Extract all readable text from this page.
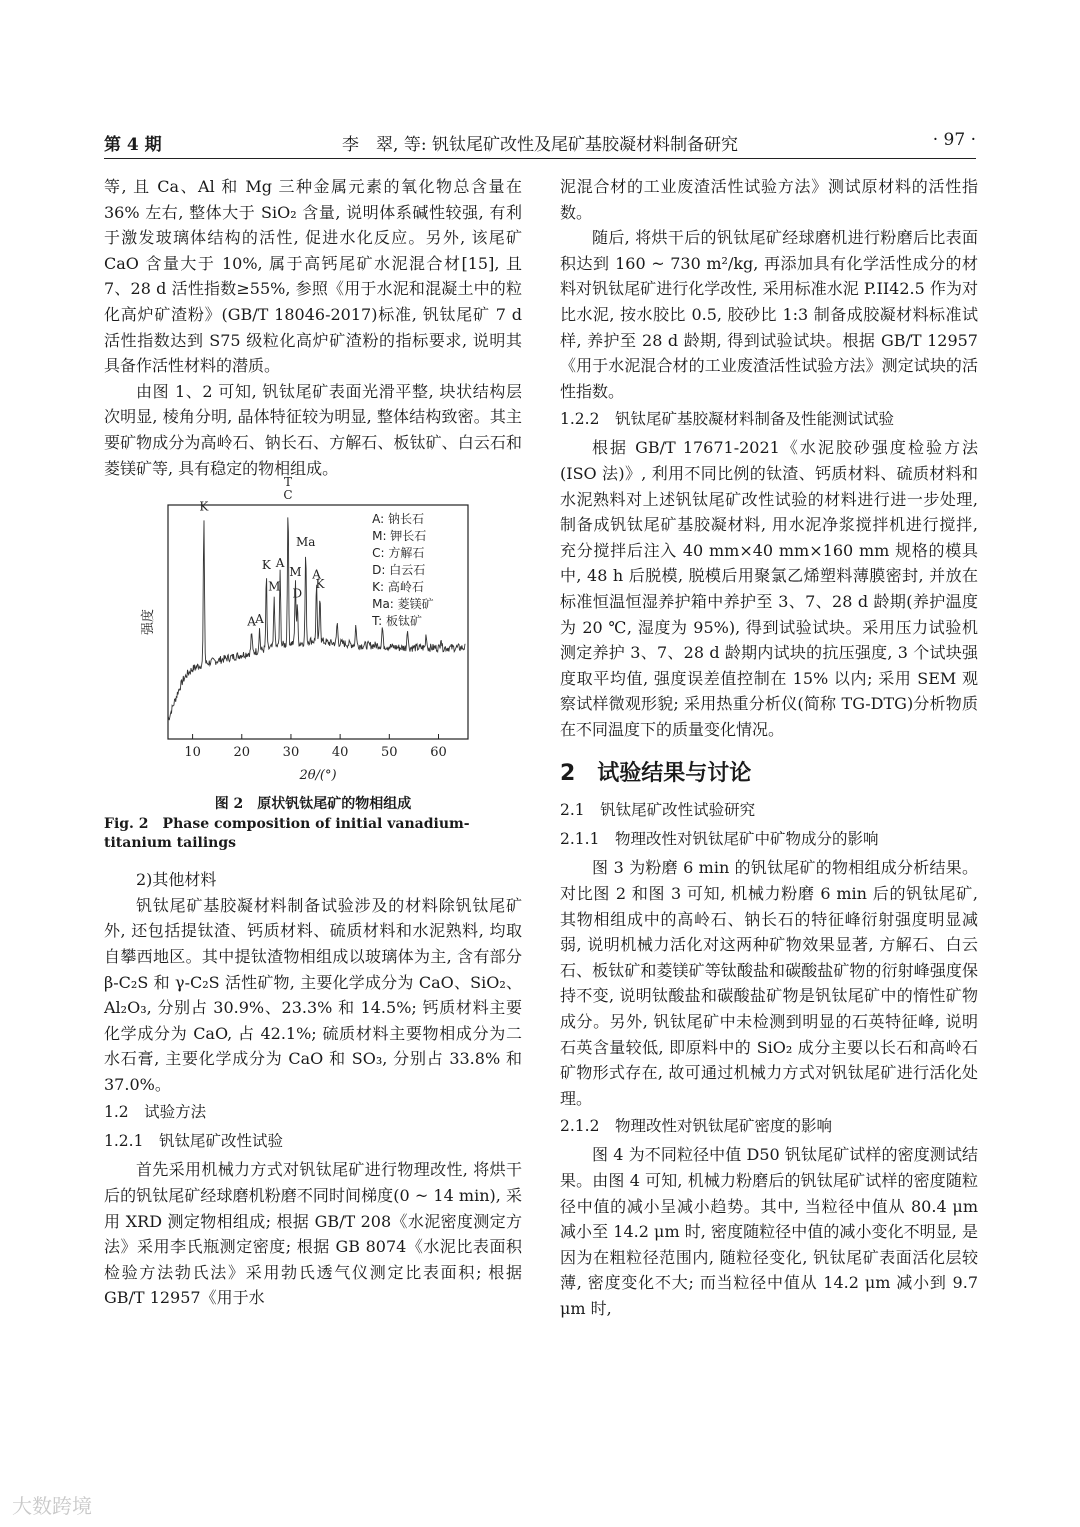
第 4 期	李　翠, 等: 钒钛尾矿改性及尾矿基胶凝材料制备研究	· 97 ·

等, 且 Ca、Al 和 Mg 三种金属元素的氧化物总含量在 36% 左右, 整体大于 SiO₂ 含量, 说明体系碱性较强, 有利于激发玻璃体结构的活性, 促进水化反应。另外, 该尾矿 CaO 含量大于 10%, 属于高钙尾矿水泥混合材[15], 且 7、28 d 活性指数≥55%, 参照《用于水泥和混凝土中的粒化高炉矿渣粉》(GB/T 18046-2017)标准, 钒钛尾矿 7 d 活性指数达到 S75 级粒化高炉矿渣粉的指标要求, 说明其具备作活性材料的潜质。

由图 1、2 可知, 钒钛尾矿表面光滑平整, 块状结构层次明显, 棱角分明, 晶体特征较为明显, 整体结构致密。其主要矿物成分为高岭石、钠长石、方解石、板钛矿、白云石和菱镁矿等, 具有稳定的物相组成。

10	20	30	40	50	60
2θ/(°)
强度
K
A A
K
M
A
T
C
M
D
Ma
A
K
A: 钠长石
M: 钾长石
C: 方解石
D: 白云石
K: 高岭石
Ma: 菱镁矿
T: 板钛矿
图 2　原状钒钛尾矿的物相组成
Fig. 2　Phase composition of initial vanadium-titanium tailings

2)其他材料

钒钛尾矿基胶凝材料制备试验涉及的材料除钒钛尾矿外, 还包括提钛渣、钙质材料、硫质材料和水泥熟料, 均取自攀西地区。其中提钛渣物相组成以玻璃体为主, 含有部分 β-C₂S 和 γ-C₂S 活性矿物, 主要化学成分为 CaO、SiO₂、Al₂O₃, 分别占 30.9%、23.3% 和 14.5%; 钙质材料主要化学成分为 CaO, 占 42.1%; 硫质材料主要物相成分为二水石膏, 主要化学成分为 CaO 和 SO₃, 分别占 33.8% 和 37.0%。

1.2　试验方法
1.2.1　钒钛尾矿改性试验

首先采用机械力方式对钒钛尾矿进行物理改性, 将烘干后的钒钛尾矿经球磨机粉磨不同时间梯度(0 ~ 14 min), 采用 XRD 测定物相组成; 根据 GB/T 208《水泥密度测定方法》采用李氏瓶测定密度; 根据 GB 8074《水泥比表面积检验方法勃氏法》采用勃氏透气仪测定比表面积; 根据 GB/T 12957《用于水

泥混合材的工业废渣活性试验方法》测试原材料的活性指数。

随后, 将烘干后的钒钛尾矿经球磨机进行粉磨后比表面积达到 160 ~ 730 m²/kg, 再添加具有化学活性成分的材料对钒钛尾矿进行化学改性, 采用标准水泥 P.II42.5 作为对比水泥, 按水胶比 0.5, 胶砂比 1:3 制备成胶凝材料标准试样, 养护至 28 d 龄期, 得到试验试块。根据 GB/T 12957《用于水泥混合材的工业废渣活性试验方法》测定试块的活性指数。

1.2.2　钒钛尾矿基胶凝材料制备及性能测试试验

根据 GB/T 17671-2021《水泥胶砂强度检验方法(ISO 法)》, 利用不同比例的钛渣、钙质材料、硫质材料和水泥熟料对上述钒钛尾矿改性试验的材料进行进一步处理, 制备成钒钛尾矿基胶凝材料, 用水泥净浆搅拌机进行搅拌, 充分搅拌后注入 40 mm×40 mm×160 mm 规格的模具中, 48 h 后脱模, 脱模后用聚氯乙烯塑料薄膜密封, 并放在标准恒温恒湿养护箱中养护至 3、7、28 d 龄期(养护温度为 20 ℃, 湿度为 95%), 得到试验试块。采用压力试验机测定养护 3、7、28 d 龄期内试块的抗压强度, 3 个试块强度取平均值, 强度误差值控制在 15% 以内; 采用 SEM 观察试样微观形貌; 采用热重分析仪(简称 TG-DTG)分析物质在不同温度下的质量变化情况。

2　试验结果与讨论
2.1　钒钛尾矿改性试验研究
2.1.1　物理改性对钒钛尾矿中矿物成分的影响

图 3 为粉磨 6 min 的钒钛尾矿的物相组成分析结果。对比图 2 和图 3 可知, 机械力粉磨 6 min 后的钒钛尾矿, 其物相组成中的高岭石、钠长石的特征峰衍射强度明显减弱, 说明机械力活化对这两种矿物效果显著, 方解石、白云石、板钛矿和菱镁矿等钛酸盐和碳酸盐矿物的衍射峰强度保持不变, 说明钛酸盐和碳酸盐矿物是钒钛尾矿中的惰性矿物成分。另外, 钒钛尾矿中未检测到明显的石英特征峰, 说明石英含量较低, 即原料中的 SiO₂ 成分主要以长石和高岭石矿物形式存在, 故可通过机械力方式对钒钛尾矿进行活化处理。

2.1.2　物理改性对钒钛尾矿密度的影响

图 4 为不同粒径中值 D50 钒钛尾矿试样的密度测试结果。由图 4 可知, 机械力粉磨后的钒钛尾矿试样的密度随粒径中值的减小呈减小趋势。其中, 当粒径中值从 80.4 μm 减小至 14.2 μm 时, 密度随粒径中值的减小变化不明显, 是因为在粗粒径范围内, 随粒径变化, 钒钛尾矿表面活化层较薄, 密度变化不大; 而当粒径中值从 14.2 μm 减小到 9.7 μm 时,

大数跨境
